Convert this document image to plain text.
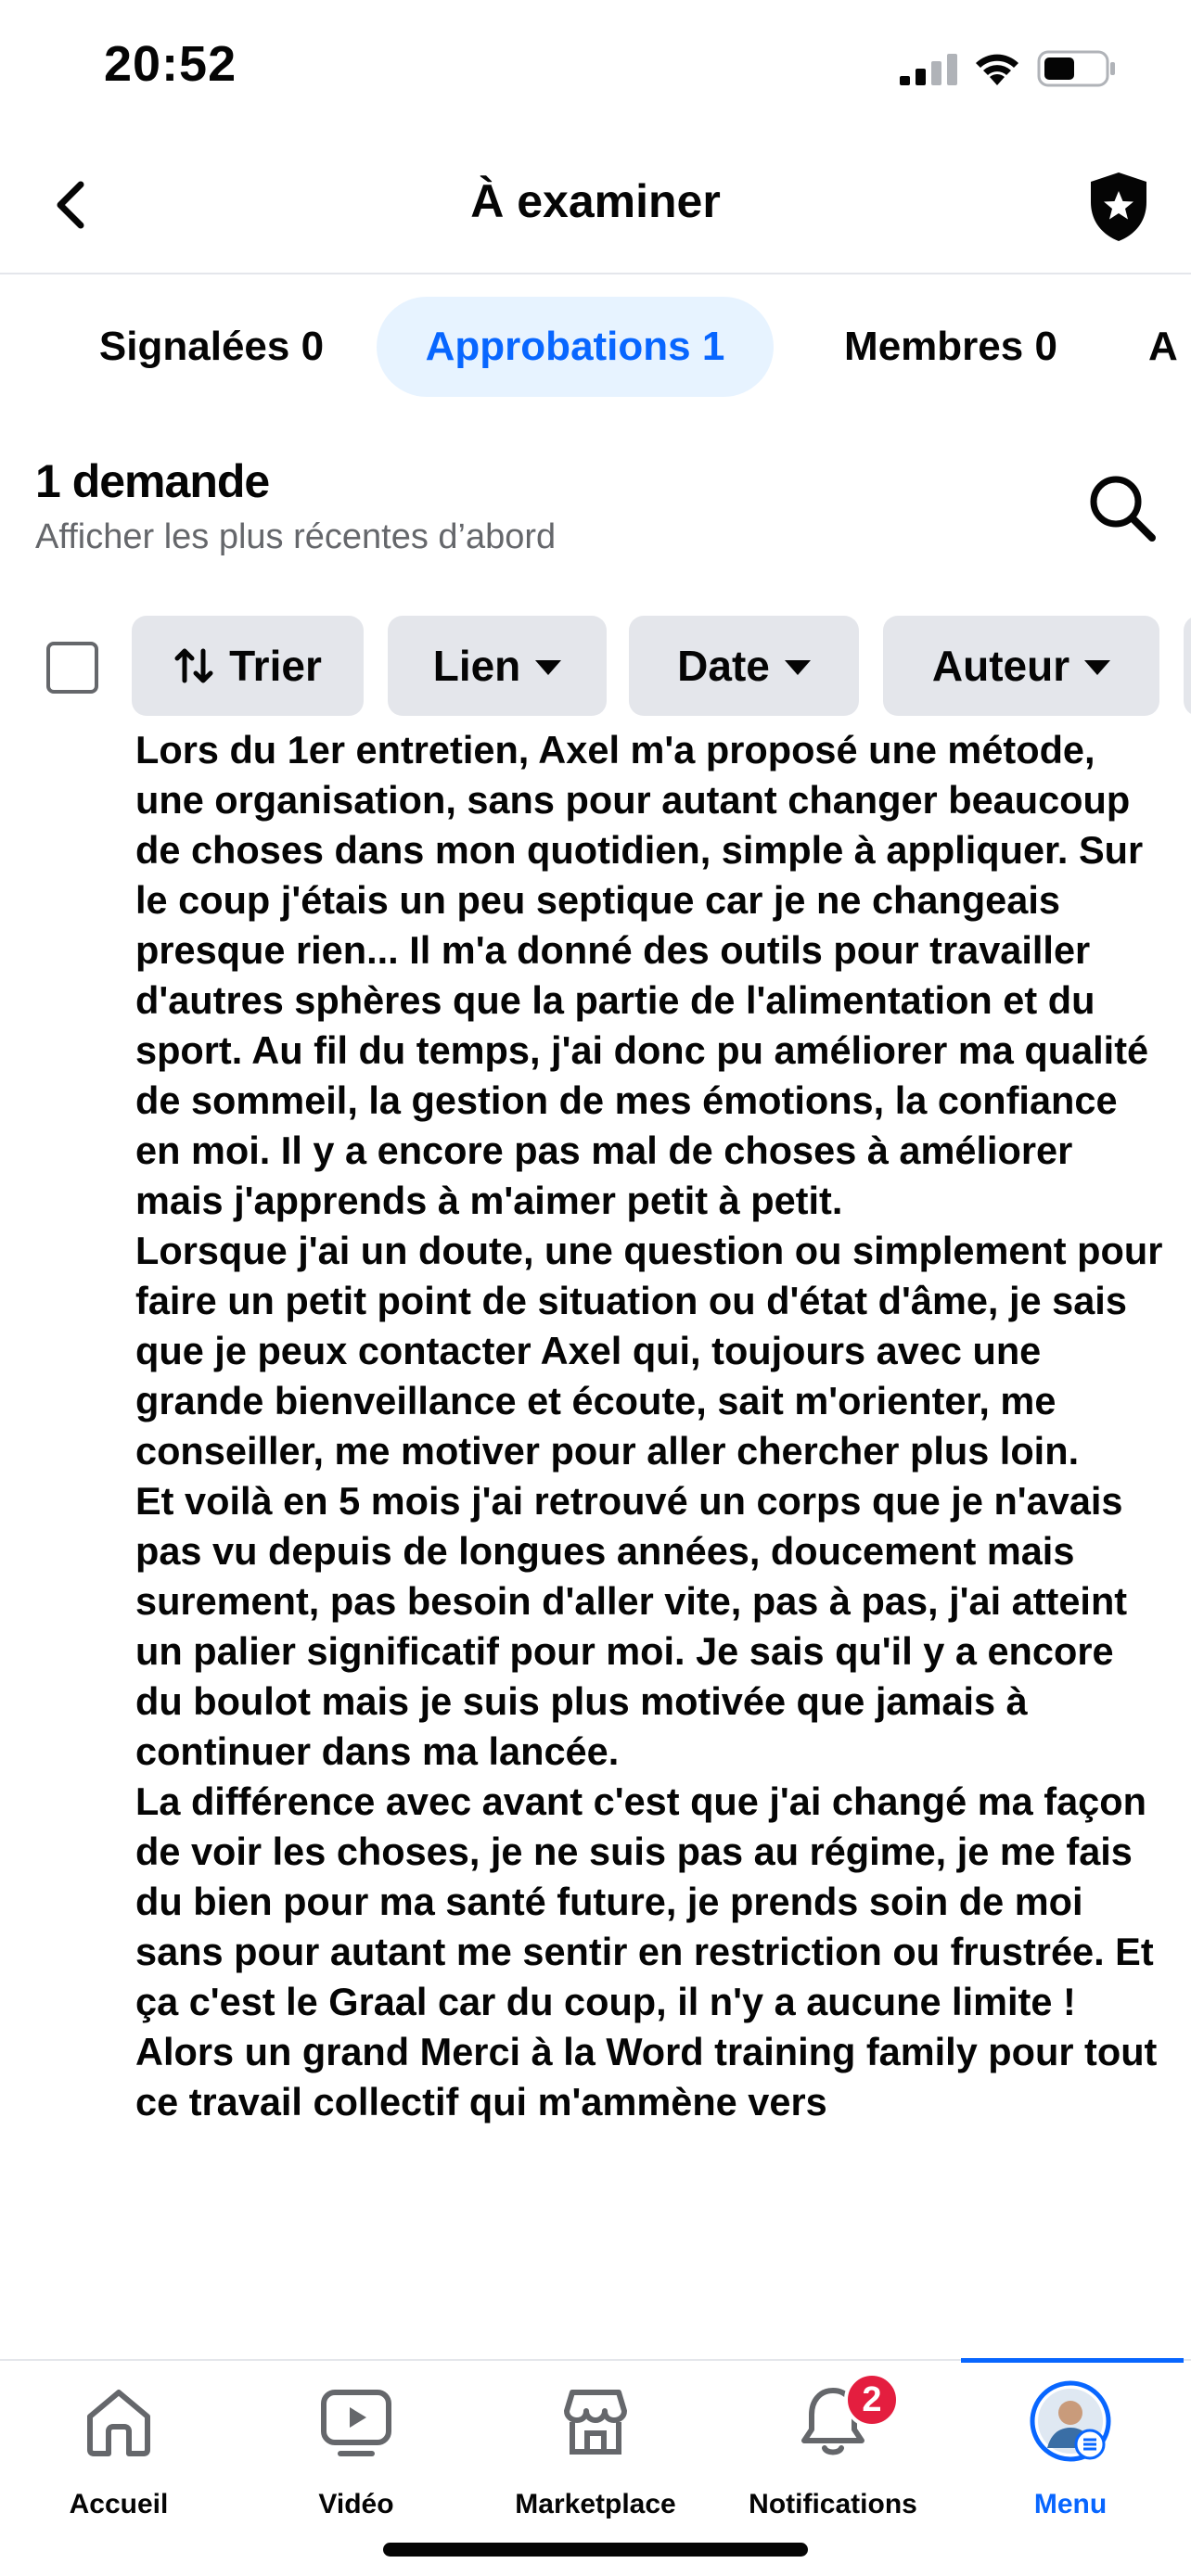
20:52
À examiner
Signalées 0	Approbations 1	Membres 0	A
1 demande
Afficher les plus récentes d’abord
Trier	Lien	Date	Auteur

Lors du 1er entretien, Axel m'a proposé une métode, une organisation, sans pour autant changer beaucoup de choses dans mon quotidien, simple à appliquer. Sur le coup j'étais un peu septique car je ne changeais presque rien... Il m'a donné des outils pour travailler d'autres sphères que la partie de l'alimentation et du sport. Au fil du temps, j'ai donc pu améliorer ma qualité de sommeil, la gestion de mes émotions, la confiance en moi. Il y a encore pas mal de choses à améliorer mais j'apprends à m'aimer petit à petit.

Lorsque j'ai un doute, une question ou simplement pour faire un petit point de situation ou d'état d'âme, je sais que je peux contacter Axel qui, toujours avec une grande bienveillance et écoute, sait m'orienter, me conseiller, me motiver pour aller chercher plus loin.

Et voilà en 5 mois j'ai retrouvé un corps que je n'avais pas vu depuis de longues années, doucement mais surement, pas besoin d'aller vite, pas à pas, j'ai atteint un palier significatif pour moi. Je sais qu'il y a encore du boulot mais je suis plus motivée que jamais à continuer dans ma lancée.

La différence avec avant c'est que j'ai changé ma façon de voir les choses, je ne suis pas au régime, je me fais du bien pour ma santé future, je prends soin de moi sans pour autant me sentir en restriction ou frustrée. Et ça c'est le Graal car du coup, il n'y a aucune limite !

Alors un grand Merci à la Word training family pour tout ce travail collectif qui m'ammène vers

Accueil	Vidéo	Marketplace
2
Notifications	Menu
